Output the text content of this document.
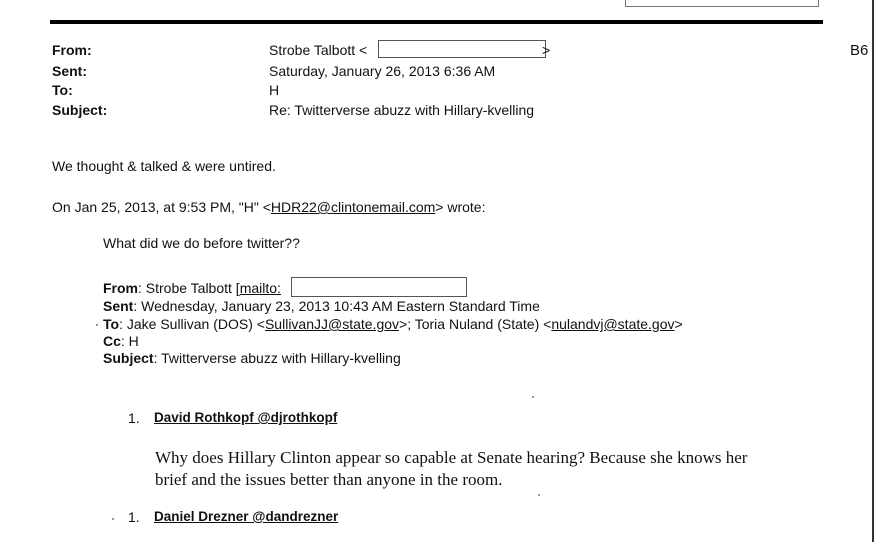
From:	Strobe Talbott <	>	B6
Sent:	Saturday, January 26, 2013 6:36 AM
To:	H
Subject:	Re: Twitterverse abuzz with Hillary-kvelling
We thought & talked & were untired.
On Jan 25, 2013, at 9:53 PM, "H" <HDR22@clintonemail.com> wrote:
What did we do before twitter??
From: Strobe Talbott [mailto:
Sent: Wednesday, January 23, 2013 10:43 AM Eastern Standard Time
To: Jake Sullivan (DOS) <SullivanJJ@state.gov>; Toria Nuland (State) <nulandvj@state.gov>
Cc: H
Subject: Twitterverse abuzz with Hillary-kvelling
1. David Rothkopf @djrothkopf
Why does Hillary Clinton appear so capable at Senate hearing? Because she knows her brief and the issues better than anyone in the room.
1. Daniel Drezner @dandrezner
